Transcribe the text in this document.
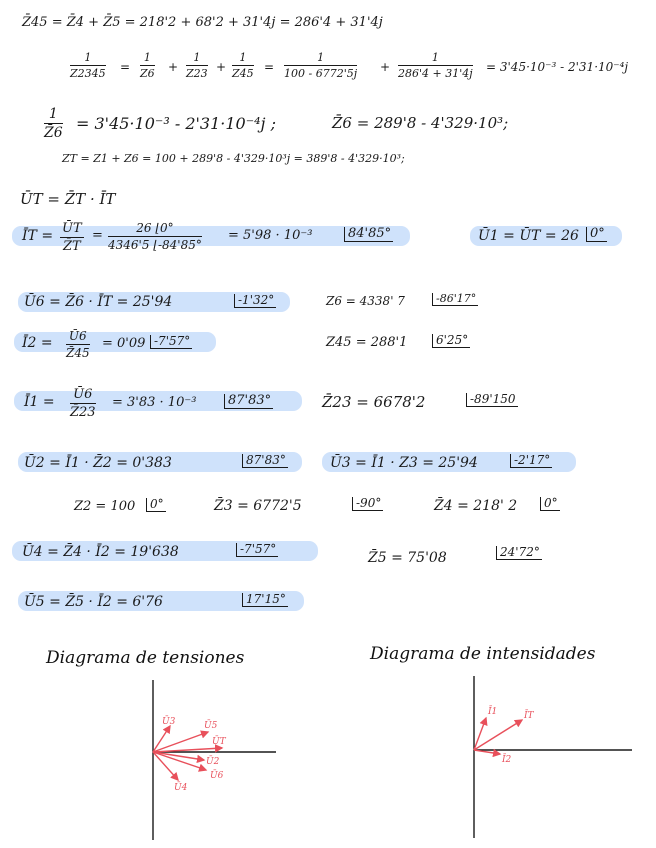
Z̄45 = Z̄4 + Z̄5 = 218'2 + 68'2 + 31'4j = 286'4 + 31'4j
$\frac{1}{Z2345} = \frac{1}{Z6} + \frac{1}{Z23} + \frac{1}{Z45} = \frac{1}{100 - 6772'5j} + \frac{1}{286'4 + 31'4j} = 3'45\cdot 10^{-3} - 2'31\cdot 10^{-4}j$
$\frac{1}{Z̄6} = 3'45\cdot 10^{-3} - 2'31\cdot 10^{-4}j$ ;	Z̄6 = 289'8 - 4'329·10³;
ZT = Z1 + Z6 = 100 + 289'8 - 4'329·10³j = 389'8 - 4'329·10³;
ŪT = Z̄T · ĪT
ĪT = $\frac{ŪT}{Z̄T} = \frac{26 ⌊0^\circ}{4346'5 ⌊-84'85^\circ} = 5'98 \cdot 10^{-3}$	84'85°	Ū1 = ŪT = 26 0°
Ū6 = Z̄6 · ĪT = 25'94	-1'32°	Z6 = 4338' 7	-86'17°
Ī2 = $\frac{Ū6}{Z̄45} = 0'09$ -7'57°	Z45 = 288'1	6'25°
Ī1 = $\frac{Ū6}{Z̄23} = 3'83 \cdot 10^{-3}$	87'83°	Z̄23 = 6678'2	-89'150
Ū2 = Ī1 · Z̄2 = 0'383	87'83°	Ū3 = Ī1 · Z3 = 25'94	-2'17°
Z2 = 100	0°	Z̄3 = 6772'5	-90°	Z̄4 = 218' 2	0°
Ū4 = Z̄4 · Ī2 = 19'638	-7'57°
Z̄5 = 75'08	24'72°
Ū5 = Z̄5 · Ī2 = 6'76	17'15°
Diagrama de tensiones	Diagrama de intensidades
Ū3	Ū5
ŪT
Ū2
Ū6
Ū4
Ī1	ĪT
Ī2
